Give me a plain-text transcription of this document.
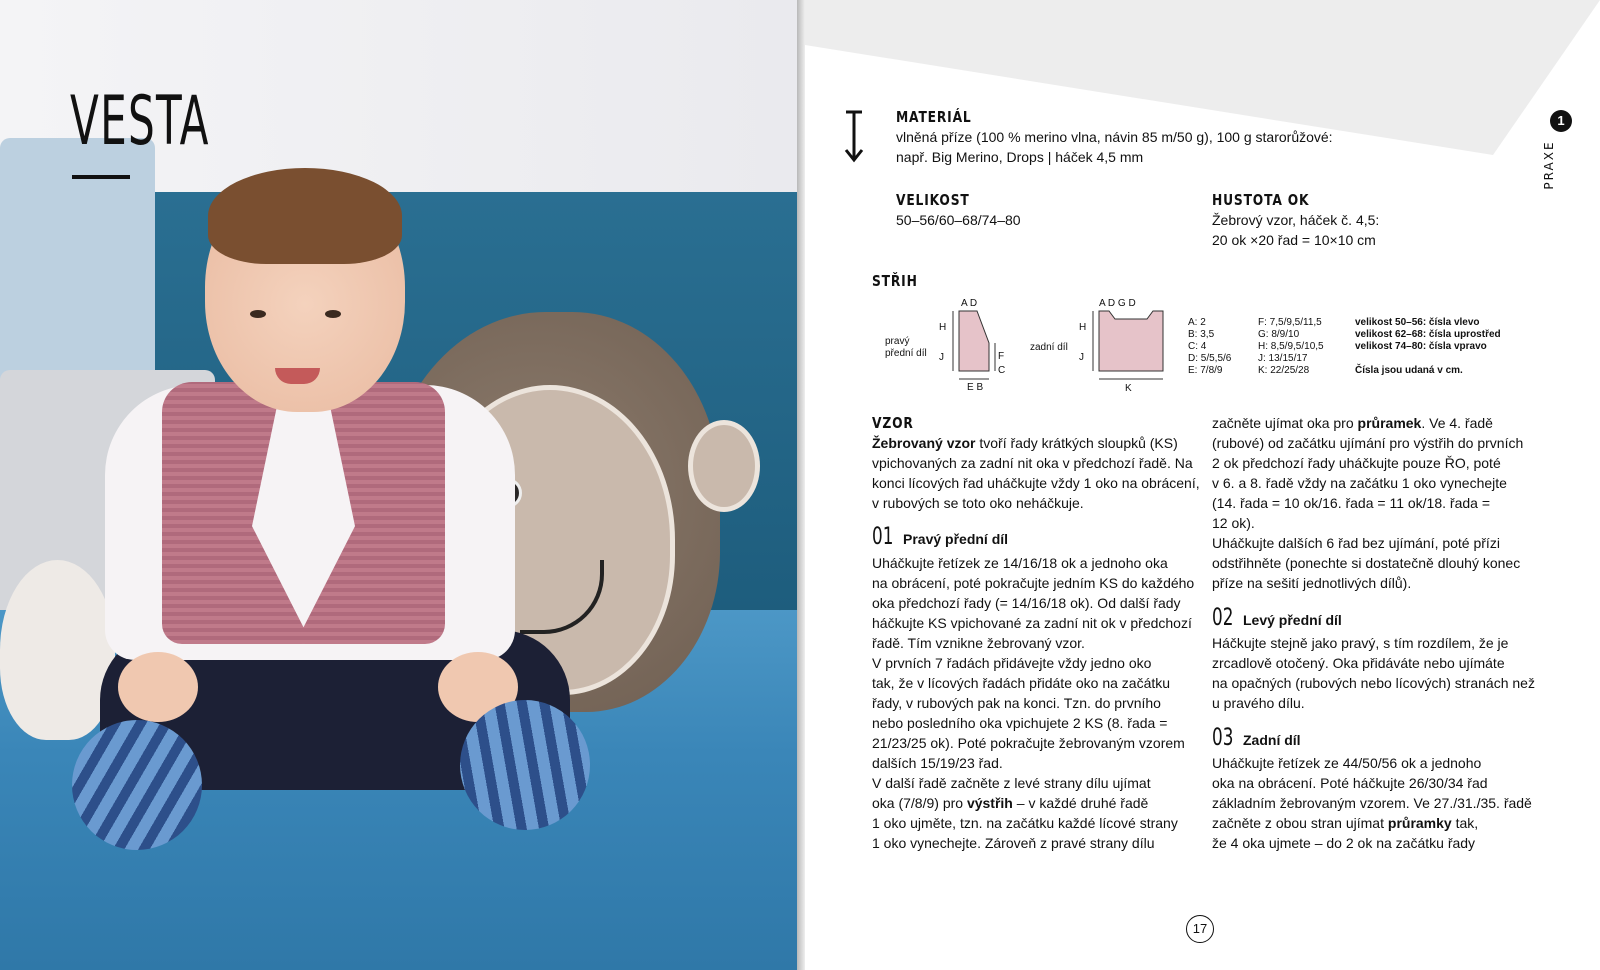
VESTA	1
PRAXE
MATERIÁL
vlněná příze (100 % merino vlna, návin 85 m/50 g), 100 g starorůžové:
např. Big Merino, Drops | háček 4,5 mm
VELIKOST
50–56/60–68/74–80
HUSTOTA OK
Žebrový vzor, háček č. 4,5:
20 ok ×20 řad = 10×10 cm
STŘIH
pravý
přední díl
A D
H
J	F
C
E B
zadní díl
A D G D
H
J
K
A: 2
B: 3,5
C: 4
D: 5/5,5/6
E: 7/8/9
F: 7,5/9,5/11,5
G: 8/9/10
H: 8,5/9,5/10,5
J: 13/15/17
K: 22/25/28
velikost 50–56: čísla vlevo
velikost 62–68: čísla uprostřed
velikost 74–80: čísla vpravo
Čísla jsou udaná v cm.
VZOR
Žebrovaný vzor tvoří řady krátkých sloupků (KS)
vpichovaných za zadní nit oka v předchozí řadě. Na
konci lícových řad uháčkujte vždy 1 oko na obrácení,
v rubových se toto oko neháčkuje.
01 Pravý přední díl
Uháčkujte řetízek ze 14/16/18 ok a jednoho oka
na obrácení, poté pokračujte jedním KS do každého
oka předchozí řady (= 14/16/18 ok). Od další řady
háčkujte KS vpichované za zadní nit ok v předchozí
řadě. Tím vznikne žebrovaný vzor.
V prvních 7 řadách přidávejte vždy jedno oko
tak, že v lícových řadách přidáte oko na začátku
řady, v rubových pak na konci. Tzn. do prvního
nebo posledního oka vpichujete 2 KS (8. řada =
21/23/25 ok). Poté pokračujte žebrovaným vzorem
dalších 15/19/23 řad.
V další řadě začněte z levé strany dílu ujímat
oka (7/8/9) pro výstřih – v každé druhé řadě
1 oko ujměte, tzn. na začátku každé lícové strany
1 oko vynechejte. Zároveň z pravé strany dílu
začněte ujímat oka pro průramek. Ve 4. řadě
(rubové) od začátku ujímání pro výstřih do prvních
2 ok předchozí řady uháčkujte pouze ŘO, poté
v 6. a 8. řadě vždy na začátku 1 oko vynechejte
(14. řada = 10 ok/16. řada = 11 ok/18. řada =
12 ok).
Uháčkujte dalších 6 řad bez ujímání, poté přízi
odstřihněte (ponechte si dostatečně dlouhý konec
příze na sešití jednotlivých dílů).
02 Levý přední díl
Háčkujte stejně jako pravý, s tím rozdílem, že je
zrcadlově otočený. Oka přidáváte nebo ujímáte
na opačných (rubových nebo lícových) stranách než
u pravého dílu.
03 Zadní díl
Uháčkujte řetízek ze 44/50/56 ok a jednoho
oka na obrácení. Poté háčkujte 26/30/34 řad
základním žebrovaným vzorem. Ve 27./31./35. řadě
začněte z obou stran ujímat průramky tak,
že 4 oka ujmete – do 2 ok na začátku řady
17
